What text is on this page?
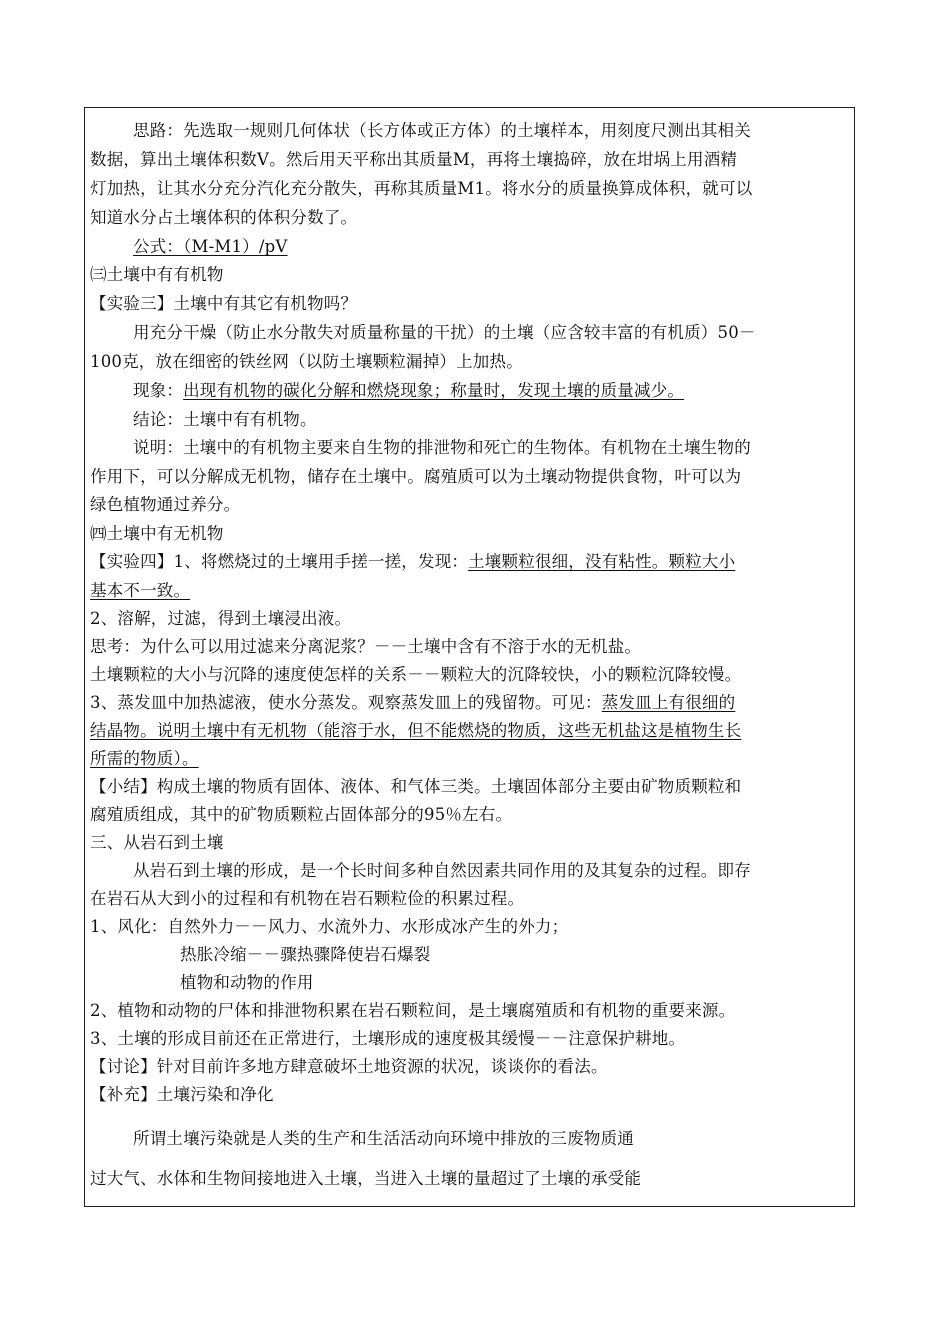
思路：先选取一规则几何体状（长方体或正方体）的土壤样本，用刻度尺测出其相关
数据，算出土壤体积数V。然后用天平称出其质量M，再将土壤捣碎，放在坩埚上用酒精
灯加热，让其水分充分汽化充分散失，再称其质量M1。将水分的质量换算成体积，就可以
知道水分占土壤体积的体积分数了。
公式：（M-M1）/pV
㈢土壤中有有机物
【实验三】土壤中有其它有机物吗？
用充分干燥（防止水分散失对质量称量的干扰）的土壤（应含较丰富的有机质）50－
100克，放在细密的铁丝网（以防土壤颗粒漏掉）上加热。
现象：出现有机物的碳化分解和燃烧现象；称量时，发现土壤的质量减少。
结论：土壤中有有机物。
说明：土壤中的有机物主要来自生物的排泄物和死亡的生物体。有机物在土壤生物的
作用下，可以分解成无机物，储存在土壤中。腐殖质可以为土壤动物提供食物，叶可以为
绿色植物通过养分。
㈣土壤中有无机物
【实验四】1、将燃烧过的土壤用手搓一搓，发现：土壤颗粒很细，没有粘性。颗粒大小
基本不一致。
2、溶解，过滤，得到土壤浸出液。
思考：为什么可以用过滤来分离泥浆？－－土壤中含有不溶于水的无机盐。
土壤颗粒的大小与沉降的速度使怎样的关系－－颗粒大的沉降较快，小的颗粒沉降较慢。
3、蒸发皿中加热滤液，使水分蒸发。观察蒸发皿上的残留物。可见：蒸发皿上有很细的
结晶物。说明土壤中有无机物（能溶于水，但不能燃烧的物质，这些无机盐这是植物生长
所需的物质）。
【小结】构成土壤的物质有固体、液体、和气体三类。土壤固体部分主要由矿物质颗粒和
腐殖质组成，其中的矿物质颗粒占固体部分的95％左右。
三、从岩石到土壤
从岩石到土壤的形成，是一个长时间多种自然因素共同作用的及其复杂的过程。即存
在岩石从大到小的过程和有机物在岩石颗粒俭的积累过程。
1、风化：自然外力－－风力、水流外力、水形成冰产生的外力；
热胀冷缩－－骤热骤降使岩石爆裂
植物和动物的作用
2、植物和动物的尸体和排泄物积累在岩石颗粒间，是土壤腐殖质和有机物的重要来源。
3、土壤的形成目前还在正常进行，土壤形成的速度极其缓慢－－注意保护耕地。
【讨论】针对目前许多地方肆意破坏土地资源的状况，谈谈你的看法。
【补充】土壤污染和净化
所谓土壤污染就是人类的生产和生活活动向环境中排放的三废物质通
过大气、水体和生物间接地进入土壤，当进入土壤的量超过了土壤的承受能
